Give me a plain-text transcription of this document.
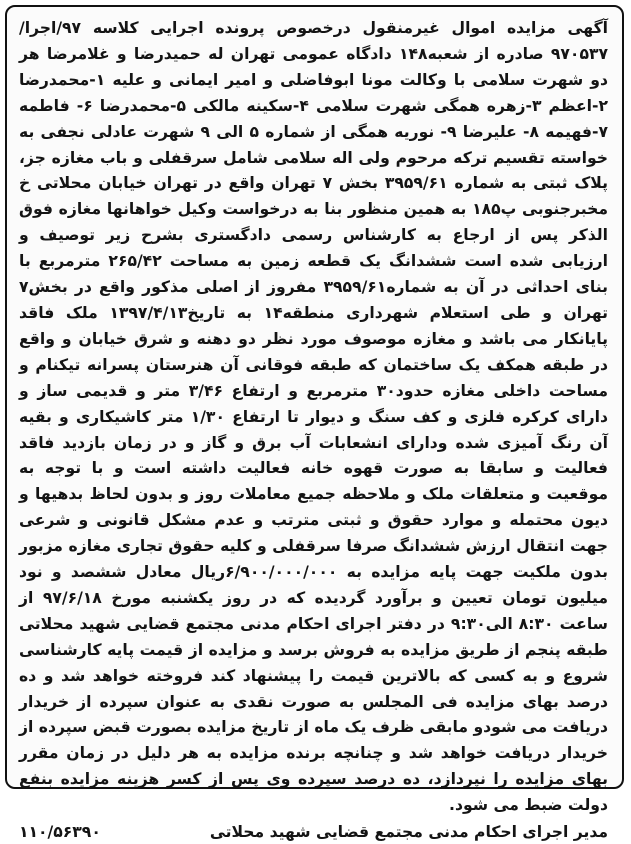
آگهی مزایده اموال غیرمنقول درخصوص پرونده اجرایی کلاسه ۹۷/اجرا/۹۷۰۵۳۷ صادره از شعبه۱۴۸ دادگاه عمومی تهران له حمیدرضا و غلامرضا هر دو شهرت سلامی با وکالت مونا ابوفاضلی و امیر ایمانی و علیه ۱-محمدرضا ۲-اعظم ۳-زهره همگی شهرت سلامی ۴-سکینه مالکی ۵-محمدرضا ۶- فاطمه ۷-فهیمه ۸- علیرضا ۹- نوریه همگی از شماره ۵ الی ۹ شهرت عادلی نجفی به خواسته تقسیم ترکه مرحوم ولی اله سلامی شامل سرقفلی و باب مغازه جز، پلاک ثبتی به شماره ۳۹۵۹/۶۱ بخش ۷ تهران واقع در تهران خیابان محلاتی خ مخبرجنوبی پ۱۸۵ به همین منظور بنا به درخواست وکیل خواهانها مغازه فوق الذکر پس از ارجاع به کارشناس رسمی دادگستری بشرح زیر توصیف و ارزیابی شده است ششدانگ یک قطعه زمین به مساحت ۲۶۵/۴۲ مترمربع با بنای احداثی در آن به شماره۳۹۵۹/۶۱ مفروز از اصلی مذکور واقع در بخش۷ تهران و طی استعلام شهرداری منطقه۱۴ به تاریخ۱۳۹۷/۴/۱۳ ملک فاقد پایانکار می باشد و مغازه موصوف مورد نظر دو دهنه و شرق خیابان و واقع در طبقه همکف یک ساختمان که طبقه فوقانی آن هنرستان پسرانه تیکنام و مساحت داخلی مغازه حدود۳۰ مترمربع و ارتفاع ۳/۴۶ متر و قدیمی ساز و دارای کرکره فلزی و کف سنگ و دیوار تا ارتفاع ۱/۳۰ متر کاشیکاری و بقیه آن رنگ آمیزی شده ودارای انشعابات آب برق و گاز و در زمان بازدید فاقد فعالیت و سابقا به صورت قهوه خانه فعالیت داشته است و با توجه به موقعیت و متعلقات ملک و ملاحظه جمیع معاملات روز و بدون لحاظ بدهیها و دیون محتمله و موارد حقوق و ثبتی مترتب و عدم مشکل قانونی و شرعی جهت انتقال ارزش ششدانگ صرفا سرقفلی و کلیه حقوق تجاری مغازه مزبور بدون ملکیت جهت پایه مزایده به ۶/۹۰۰/۰۰۰/۰۰۰ریال معادل ششصد و نود میلیون تومان تعیین و برآورد گردیده که در روز یکشنبه مورخ ۹۷/۶/۱۸ از ساعت ۸:۳۰ الی۹:۳۰ در دفتر اجرای احکام مدنی مجتمع قضایی شهید محلاتی طبقه پنجم از طریق مزایده به فروش برسد و مزایده از قیمت پایه کارشناسی شروع و به کسی که بالاترین قیمت را پیشنهاد کند فروخته خواهد شد و ده درصد بهای مزایده فی المجلس به صورت نقدی به عنوان سپرده از خریدار دریافت می شودو مابقی ظرف یک ماه از تاریخ مزایده بصورت قبض سپرده از خریدار دریافت خواهد شد و چنانچه برنده مزایده به هر دلیل در زمان مقرر بهای مزایده را نپردازد، ده درصد سپرده وی پس از کسر هزینه مزایده بنفع دولت ضبط می شود.

مدیر اجرای احکام مدنی مجتمع قضایی شهید محلاتی
۱۱۰/۵۶۳۹۰
